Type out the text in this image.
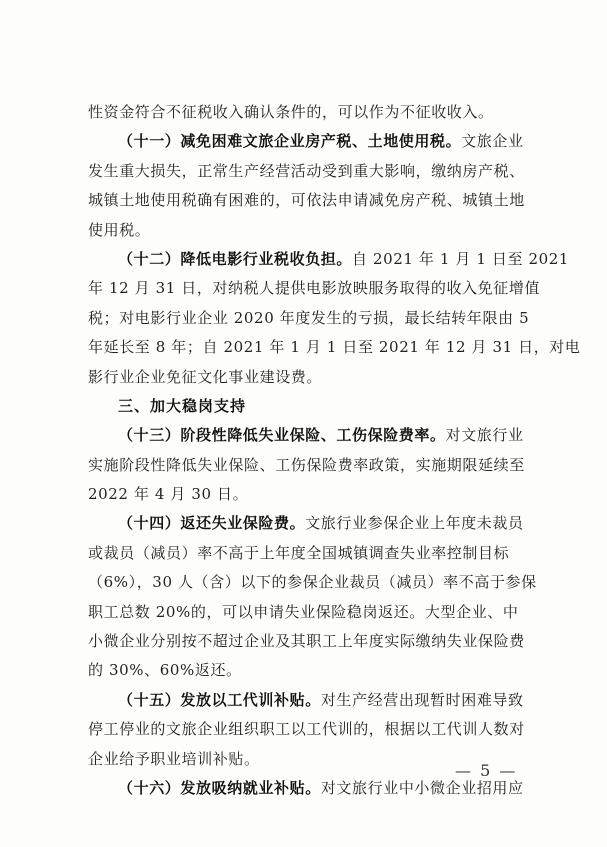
性资金符合不征税收入确认条件的，可以作为不征收收入。
（十一）减免困难文旅企业房产税、土地使用税。文旅企业
发生重大损失，正常生产经营活动受到重大影响，缴纳房产税、
城镇土地使用税确有困难的，可依法申请减免房产税、城镇土地
使用税。
（十二）降低电影行业税收负担。自 2021 年 1 月 1 日至 2021
年 12 月 31 日，对纳税人提供电影放映服务取得的收入免征增值
税；对电影行业企业 2020 年度发生的亏损，最长结转年限由 5
年延长至 8 年；自 2021 年 1 月 1 日至 2021 年 12 月 31 日，对电
影行业企业免征文化事业建设费。
三、加大稳岗支持
（十三）阶段性降低失业保险、工伤保险费率。对文旅行业
实施阶段性降低失业保险、工伤保险费率政策，实施期限延续至
2022 年 4 月 30 日。
（十四）返还失业保险费。文旅行业参保企业上年度未裁员
或裁员（减员）率不高于上年度全国城镇调查失业率控制目标
（6%），30 人（含）以下的参保企业裁员（减员）率不高于参保
职工总数 20%的，可以申请失业保险稳岗返还。大型企业、中
小微企业分别按不超过企业及其职工上年度实际缴纳失业保险费
的 30%、60%返还。
（十五）发放以工代训补贴。对生产经营出现暂时困难导致
停工停业的文旅企业组织职工以工代训的，根据以工代训人数对
企业给予职业培训补贴。
（十六）发放吸纳就业补贴。对文旅行业中小微企业招用应
— 5 —
